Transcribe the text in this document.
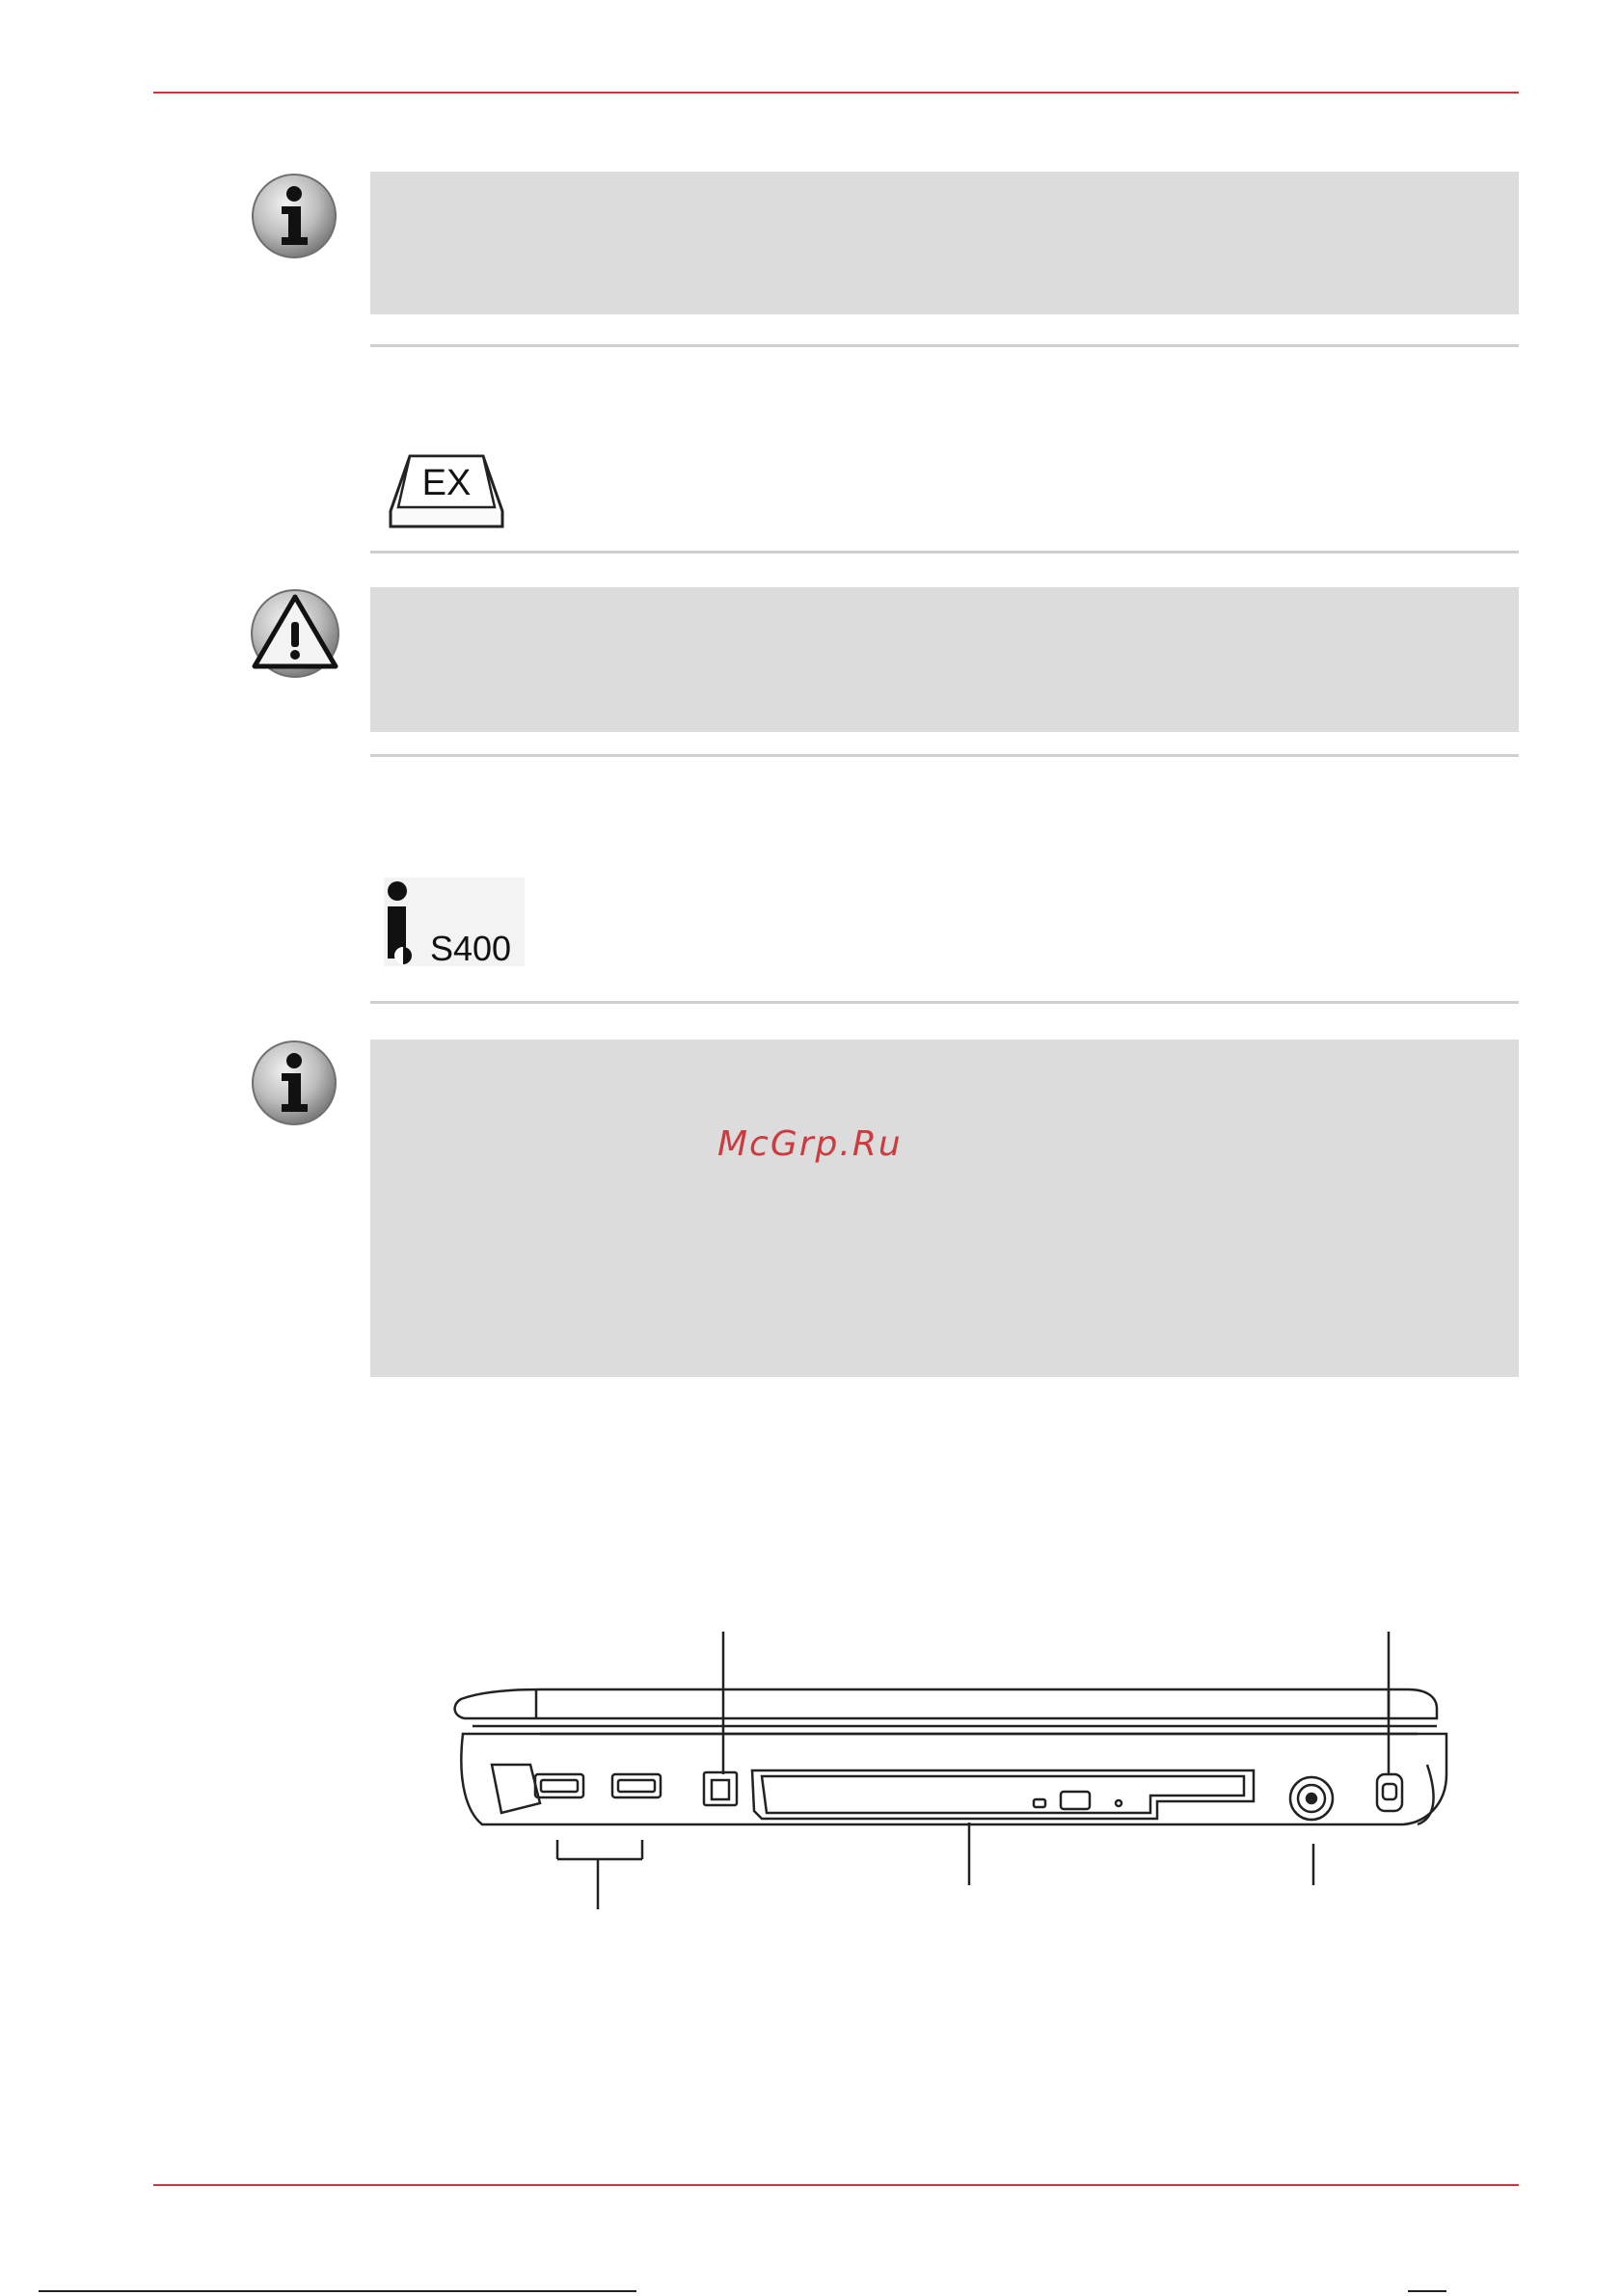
EX
S400

McGrp.Ru
